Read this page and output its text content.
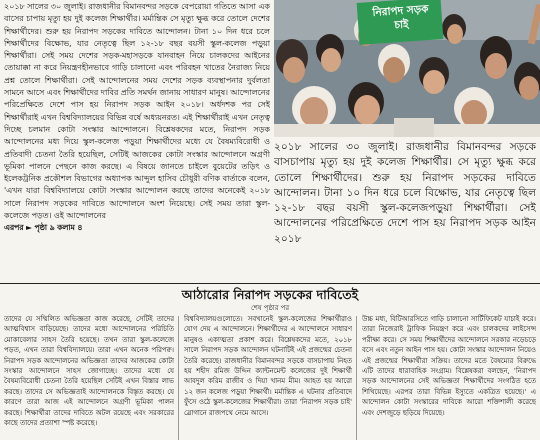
২০১৮ সালের ৩০ জুলাই। রাজধানীর বিমানবন্দর সড়কে বেপরোয়া গতিতে আসা এক বাসের চাপায় মৃত্যু হয় দুই কলেজ শিক্ষার্থীর। মর্মান্তিক সে মৃত্যু ক্ষুব্ধ করে তোলে দেশের শিক্ষার্থীদের। শুরু হয় নিরাপদ সড়কের দাবিতে আন্দোলন। টানা ১০ দিন ধরে চলে শিক্ষার্থীদের বিক্ষোভ, যার নেতৃত্বে ছিল ১২-১৮ বছর বয়সী স্কুল-কলেজ পড়ুয়া শিক্ষার্থীরা। সেই সময় দেশের সড়ক-মহাসড়কে যানবাহন নিয়ে চালকদের আইনের তোয়াক্কা না করে নিয়ন্ত্রণহীনভাবে গাড়ি চালানো এবং পরিবহন খাতের নৈরাজ্য নিয়ে প্রশ্ন তোলে শিক্ষার্থীরা। সেই আন্দোলনের সময় দেশের সড়ক ব্যবস্থাপনার দুর্বলতা সামনে আসে এবং শিক্ষার্থীদের দাবির প্রতি সমর্থন জানায় সাধারণ মানুষ। আন্দোলনের পরিপ্রেক্ষিতে দেশে পাস হয় নিরাপদ সড়ক আইন ২০১৮। অর্ধদশক পর সেই শিক্ষার্থীরাই এখন বিশ্ববিদ্যালয়ের বিভিন্ন বর্ষে অধ্যয়নরত। এই শিক্ষার্থীরাই এখন নেতৃত্ব দিচ্ছে চলমান কোটা সংস্কার আন্দোলনে। বিশ্লেষকদের মতে, নিরাপদ সড়ক আন্দোলনের মধ্য দিয়ে স্কুল-কলেজ পড়ুয়া শিক্ষার্থীদের মধ্যে যে বৈষম্যবিরোধী ও প্রতিবাদী চেতনা তৈরি হয়েছিল, সেটিই আজকের কোটা সংস্কার আন্দোলনে অগ্রণী ভূমিকা পালনে পেছনে কাজ করছে। এ বিষয়ে জানতে চাইলে বুয়েটের তড়িৎ ও ইলেকট্রনিক প্রকৌশল বিভাগের অধ্যাপক আব্দুল হাসিব চৌধুরী বণিক বার্তাকে বলেন, 'এখন যারা বিশ্ববিদ্যালয়ে কোটা সংস্কার আন্দোলন করছে তাদের অনেকেই ২০১৮ সালে নিরাপদ সড়কের দাবিতে আন্দোলনে অংশ নিয়েছে। সেই সময় তারা স্কুল-কলেজে পড়ত। ওই আন্দোলনের

এরপর ► পৃষ্ঠা ৯ কলাম ৪

নিরাপদ সড়ক চাই
২০১৮ সালের ৩০ জুলাই। রাজধানীর বিমানবন্দর সড়কে বাসচাপায় মৃত্যু হয় দুই কলেজ শিক্ষার্থীর। সে মৃত্যু ক্ষুব্ধ করে তোলে শিক্ষার্থীদের। শুরু হয় নিরাপদ সড়কের দাবিতে আন্দোলন। টানা ১০ দিন ধরে চলে বিক্ষোভ, যার নেতৃত্বে ছিল ১২-১৮ বছর বয়সী স্কুল-কলেজপড়ুয়া শিক্ষার্থীরা। সেই আন্দোলনের পরিপ্রেক্ষিতে দেশে পাস হয় নিরাপদ সড়ক আইন ২০১৮
আঠারোর নিরাপদ সড়কের দাবিতেই
শেষ পৃষ্ঠার পর
তাদের যে সম্মিলিত অভিজ্ঞতা কাজ করেছে, সেটিই তাদের আত্মবিশ্বাস বাড়িয়েছে। তাদের মধ্যে আন্দোলনের পরিচিতি মোকাবেলার সাহস তৈরি হয়েছে। তখন তারা স্কুল-কলেজে পড়ত, এখন তারা বিশ্ববিদ্যালয়ে। তারা এখন অনেক পরিপক্ব। নিরাপদ সড়ক আন্দোলনের অভিজ্ঞতা তাদের আজকের কোটা সংস্কার আন্দোলনে সাহস জোগাচ্ছে। তাদের মধ্যে যে বৈষম্যবিরোধী চেতনা তৈরি হয়েছিল সেটিই এখন বিস্তার লাভ করছে। তাদের সে অভিজ্ঞতাই আন্দোলনকে বিস্তৃত করছে। যে কারণে তারা আজ এই আন্দোলনে অগ্রণী ভূমিকা পালন করছে। শিক্ষার্থীরা তাদের দাবিতে অটল রয়েছে এবং সরকারের কাছে তাদের প্রত্যাশা স্পষ্ট করেছে।
বিশ্ববিদ্যালয়গুলোতে। সবখানেই স্কুল-কলেজের শিক্ষার্থীরাও যোগ দেয় এ আন্দোলনে। শিক্ষার্থীদের এ আন্দোলনে সাধারণ মানুষও একাত্মতা প্রকাশ করে। বিশ্লেষকদের মতে, ২০১৮ সালে নিরাপদ সড়ক আন্দোলন ঘটনাটিই এই প্রজন্মের চেতনা তৈরি করেছে। রাজধানীর বিমানবন্দর সড়কে বাসচাপায় নিহত হয় শহীদ রমিজ উদ্দিন ক্যান্টনমেন্ট কলেজের দুই শিক্ষার্থী আবদুল করিম রাজীব ও দিয়া খানম মীম। আহত হয় আরো ১২ জন কলেজ পড়ুয়া শিক্ষার্থী। মর্মান্তিক এ ঘটনার প্রতিবাদে ফুঁসে ওঠে স্কুল-কলেজের শিক্ষার্থীরা। তারা 'নিরাপদ সড়ক চাই' স্লোগানে রাজপথে নেমে আসে।
উচ্চ মধ্য, বিটিআরসিতে গাড়ি চালানো সার্টিফিকেট যাচাই করে। তারা নিজেরাই ট্রাফিক নিয়ন্ত্রণ করে এবং চালকদের লাইসেন্স পরীক্ষা করে। সে সময় শিক্ষার্থীদের আন্দোলনে সরকার নড়েচড়ে বসে এবং নতুন আইন পাস হয়। কোটা সংস্কার আন্দোলন নিয়েও এই প্রজন্মের শিক্ষার্থীরা সক্রিয়। তাদের মতে বৈষম্যের বিরুদ্ধে এটি তাদের ধারাবাহিক সংগ্রাম। বিশ্লেষকরা বলছেন, 'নিরাপদ সড়ক আন্দোলনের সেই অভিজ্ঞতা শিক্ষার্থীদের সংগঠিত হতে শিখিয়েছে। এরপর তারা বিভিন্ন ইস্যুতে একত্রিত হয়েছে।' এ আন্দোলন কোটা সংস্কারের দাবিকে আরো শক্তিশালী করেছে এবং দেশজুড়ে ছড়িয়ে দিয়েছে।
